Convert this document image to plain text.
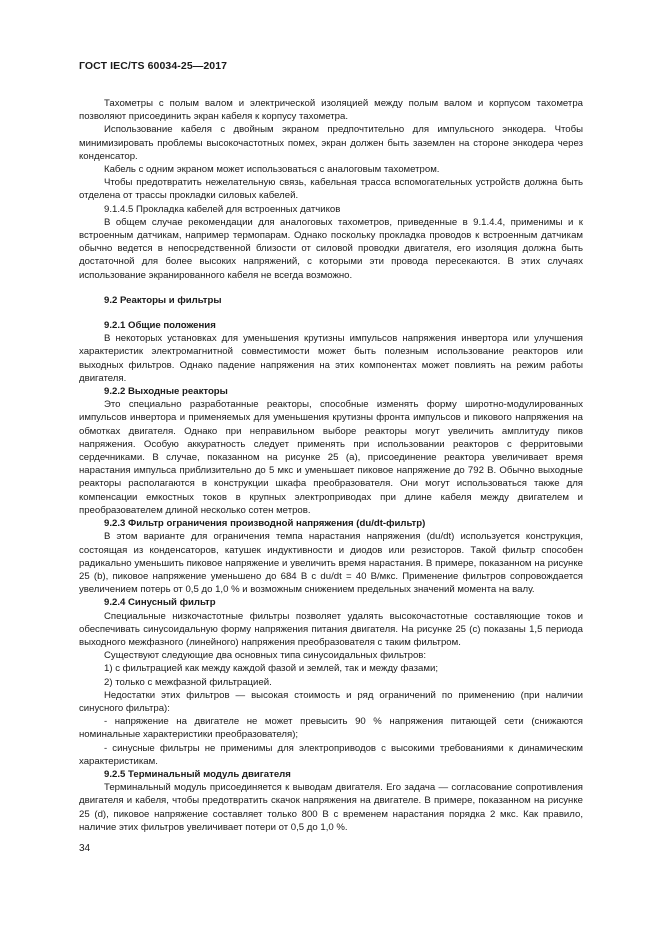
ГОСТ IEC/TS 60034-25—2017

Тахометры с полым валом и электрической изоляцией между полым валом и корпусом тахометра позволяют присоединить экран кабеля к корпусу тахометра.

Использование кабеля с двойным экраном предпочтительно для импульсного энкодера. Чтобы минимизировать проблемы высокочастотных помех, экран должен быть заземлен на стороне энкодера через конденсатор.

Кабель с одним экраном может использоваться с аналоговым тахометром.

Чтобы предотвратить нежелательную связь, кабельная трасса вспомогательных устройств должна быть отделена от трассы прокладки силовых кабелей.

9.1.4.5 Прокладка кабелей для встроенных датчиков

В общем случае рекомендации для аналоговых тахометров, приведенные в 9.1.4.4, применимы и к встроенным датчикам, например термопарам. Однако поскольку прокладка проводов к встроенным датчикам обычно ведется в непосредственной близости от силовой проводки двигателя, его изоляция должна быть достаточной для более высоких напряжений, с которыми эти провода пересекаются. В этих случаях использование экранированного кабеля не всегда возможно.

9.2 Реакторы и фильтры

9.2.1 Общие положения

В некоторых установках для уменьшения крутизны импульсов напряжения инвертора или улучшения характеристик электромагнитной совместимости может быть полезным использование реакторов или выходных фильтров. Однако падение напряжения на этих компонентах может повлиять на режим работы двигателя.

9.2.2 Выходные реакторы

Это специально разработанные реакторы, способные изменять форму широтно-модулированных импульсов инвертора и применяемых для уменьшения крутизны фронта импульсов и пикового напряжения на обмотках двигателя. Однако при неправильном выборе реакторы могут увеличить амплитуду пиков напряжения. Особую аккуратность следует применять при использовании реакторов с ферритовыми сердечниками. В случае, показанном на рисунке 25 (a), присоединение реактора увеличивает время нарастания импульса приблизительно до 5 мкс и уменьшает пиковое напряжение до 792 В. Обычно выходные реакторы располагаются в конструкции шкафа преобразователя. Они могут использоваться также для компенсации емкостных токов в крупных электроприводах при длине кабеля между двигателем и преобразователем длиной несколько сотен метров.

9.2.3 Фильтр ограничения производной напряжения (du/dt-фильтр)

В этом варианте для ограничения темпа нарастания напряжения (du/dt) используется конструкция, состоящая из конденсаторов, катушек индуктивности и диодов или резисторов. Такой фильтр способен радикально уменьшить пиковое напряжение и увеличить время нарастания. В примере, показанном на рисунке 25 (b), пиковое напряжение уменьшено до 684 В с du/dt = 40 В/мкс. Применение фильтров сопровождается увеличением потерь от 0,5 до 1,0 % и возможным снижением предельных значений момента на валу.

9.2.4 Синусный фильтр

Специальные низкочастотные фильтры позволяет удалять высокочастотные составляющие токов и обеспечивать синусоидальную форму напряжения питания двигателя. На рисунке 25 (c) показаны 1,5 периода выходного межфазного (линейного) напряжения преобразователя с таким фильтром.

Существуют следующие два основных типа синусоидальных фильтров:

1) с фильтрацией как между каждой фазой и землей, так и между фазами;

2) только с межфазной фильтрацией.

Недостатки этих фильтров — высокая стоимость и ряд ограничений по применению (при наличии синусного фильтра):

- напряжение на двигателе не может превысить 90 % напряжения питающей сети (снижаются номинальные характеристики преобразователя);

- синусные фильтры не применимы для электроприводов с высокими требованиями к динамическим характеристикам.

9.2.5 Терминальный модуль двигателя

Терминальный модуль присоединяется к выводам двигателя. Его задача — согласование сопротивления двигателя и кабеля, чтобы предотвратить скачок напряжения на двигателе. В примере, показанном на рисунке 25 (d), пиковое напряжение составляет только 800 В с временем нарастания порядка 2 мкс. Как правило, наличие этих фильтров увеличивает потери от 0,5 до 1,0 %.

34
